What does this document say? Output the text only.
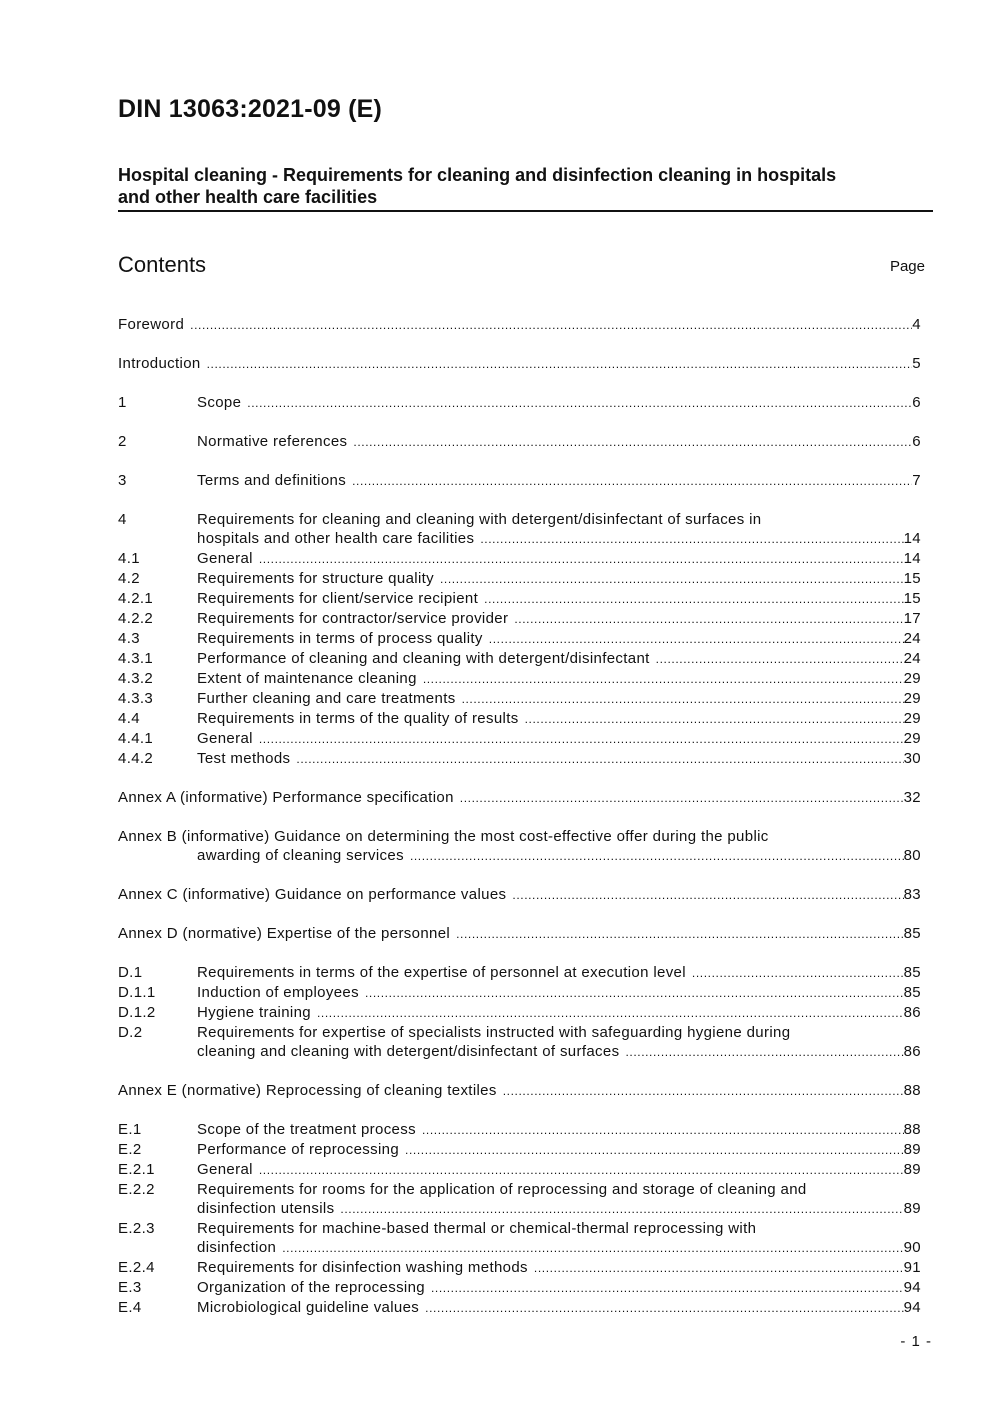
DIN 13063:2021-09 (E)
Hospital cleaning - Requirements for cleaning and disinfection cleaning in hospitals
and other health care facilities
Contents	Page
Foreword .....	4
Introduction .....	5
1	Scope .....	6
2	Normative references .....	6
3	Terms and definitions .....	7
4	Requirements for cleaning and cleaning with detergent/disinfectant of surfaces in
hospitals and other health care facilities .....	14
4.1	General .....	14
4.2	Requirements for structure quality .....	15
4.2.1	Requirements for client/service recipient .....	15
4.2.2	Requirements for contractor/service provider .....	17
4.3	Requirements in terms of process quality .....	24
4.3.1	Performance of cleaning and cleaning with detergent/disinfectant .....	24
4.3.2	Extent of maintenance cleaning .....	29
4.3.3	Further cleaning and care treatments .....	29
4.4	Requirements in terms of the quality of results .....	29
4.4.1	General .....	29
4.4.2	Test methods .....	30
Annex A (informative) Performance specification .....	32
Annex B (informative) Guidance on determining the most cost-effective offer during the public
awarding of cleaning services .....	80
Annex C (informative) Guidance on performance values .....	83
Annex D (normative) Expertise of the personnel .....	85
D.1	Requirements in terms of the expertise of personnel at execution level .....	85
D.1.1	Induction of employees .....	85
D.1.2	Hygiene training .....	86
D.2	Requirements for expertise of specialists instructed with safeguarding hygiene during
cleaning and cleaning with detergent/disinfectant of surfaces .....	86
Annex E (normative) Reprocessing of cleaning textiles .....	88
E.1	Scope of the treatment process .....	88
E.2	Performance of reprocessing .....	89
E.2.1	General .....	89
E.2.2	Requirements for rooms for the application of reprocessing and storage of cleaning and
disinfection utensils .....	89
E.2.3	Requirements for machine-based thermal or chemical-thermal reprocessing with
disinfection .....	90
E.2.4	Requirements for disinfection washing methods .....	91
E.3	Organization of the reprocessing .....	94
E.4	Microbiological guideline values .....	94
- 1 -
